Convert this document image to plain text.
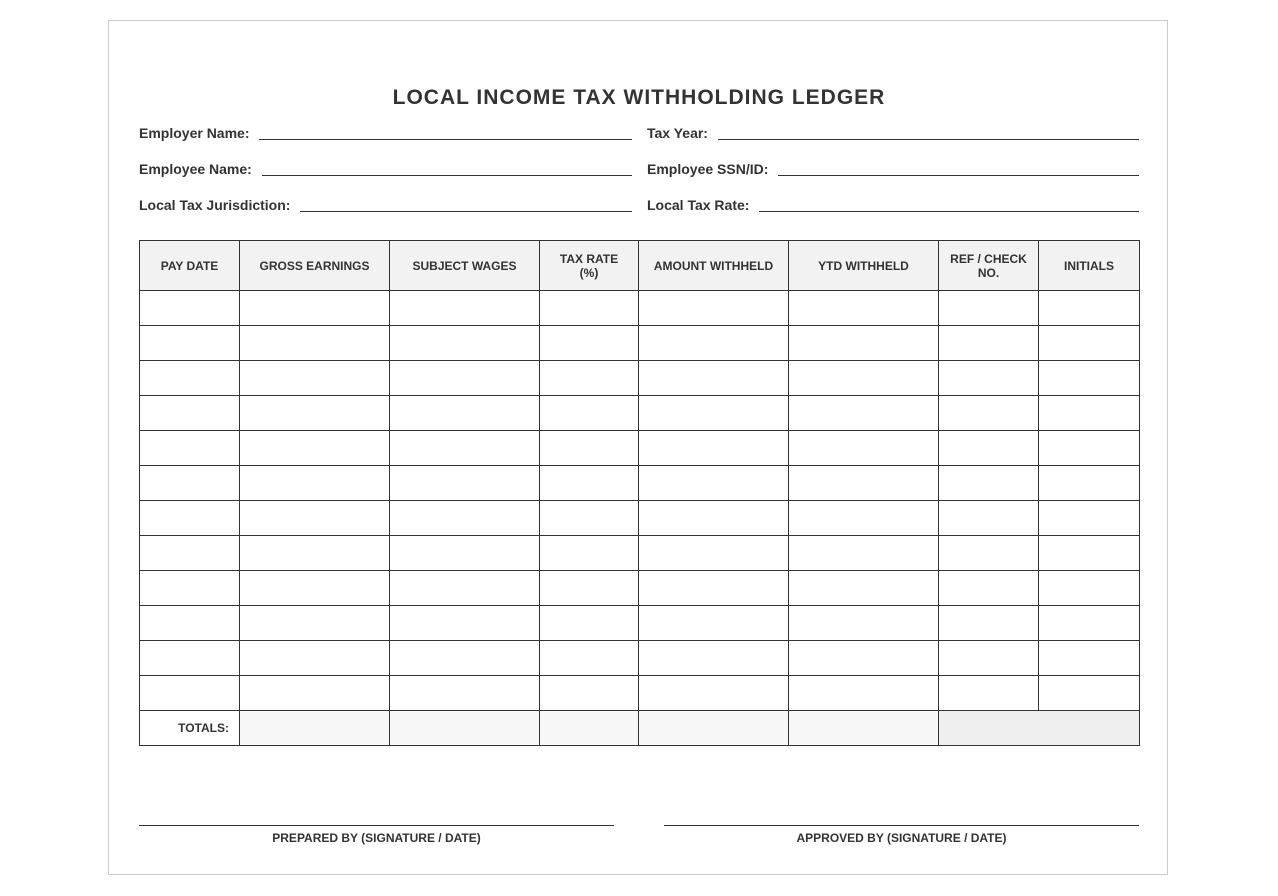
LOCAL INCOME TAX WITHHOLDING LEDGER
Employer Name:	Tax Year:
Employee Name:	Employee SSN/ID:
Local Tax Jurisdiction:	Local Tax Rate:
PAY DATE	GROSS EARNINGS	SUBJECT WAGES	TAX RATE (%)	AMOUNT WITHHELD	YTD WITHHELD	REF / CHECK NO.	INITIALS

TOTALS:							
PREPARED BY (SIGNATURE / DATE)	APPROVED BY (SIGNATURE / DATE)
